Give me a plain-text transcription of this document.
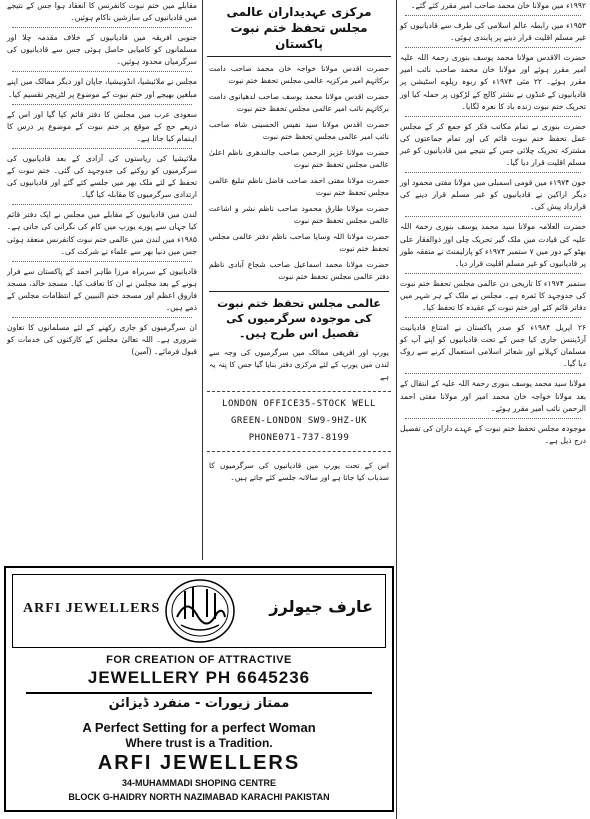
۱۹۹۲ء میں مولانا خان محمد صاحب امیر مقرر کئے گئے۔

۱۹۵۳ء میں رابطہ عالم اسلامی کی طرف سے قادیانیوں کو غیر مسلم اقلیت قرار دینے پر پابندی ہوئی۔

حضرت الاقدس مولانا محمد یوسف بنوری رحمۃ اللہ علیہ امیر مقرر ہوئے اور مولانا خان محمد صاحب نائب امیر مقرر ہوئے۔ ۲۲ مئی ۱۹۷۴ء کو ربوہ ریلوے اسٹیشن پر قادیانیوں کے غنڈوں نے نشتر کالج کے لڑکوں پر حملہ کیا اور تحریک ختم نبوت زندہ باد کا نعرہ لگایا۔

حضرت بنوری نے تمام مکاتب فکر کو جمع کر کے مجلس عمل تحفظ ختم نبوت قائم کی اور تمام جماعتوں کی مشترکہ تحریک چلائی جس کے نتیجے میں قادیانیوں کو غیر مسلم اقلیت قرار دیا گیا۔

جون ۱۹۷۴ء میں قومی اسمبلی میں مولانا مفتی محمود اور دیگر اراکین نے قادیانیوں کو غیر مسلم قرار دینے کی قرارداد پیش کی۔

حضرت العلامہ مولانا سید محمد یوسف بنوری رحمۃ اللہ علیہ کی قیادت میں ملک گیر تحریک چلی اور ذوالفقار علی بھٹو کے دور میں ۷ ستمبر ۱۹۷۴ء کو پارلیمنٹ نے متفقہ طور پر قادیانیوں کو غیر مسلم اقلیت قرار دیا۔

ستمبر ۱۹۷۴ء کا تاریخی دن عالمی مجلس تحفظ ختم نبوت کی جدوجہد کا ثمرہ ہے۔ مجلس نے ملک کے ہر شہر میں دفاتر قائم کئے اور ختم نبوت کے عقیدہ کا تحفظ کیا۔

۲۶ اپریل ۱۹۸۴ء کو صدر پاکستان نے امتناع قادیانیت آرڈیننس جاری کیا جس کے تحت قادیانیوں کو اپنے آپ کو مسلمان کہلانے اور شعائر اسلامی استعمال کرنے سے روک دیا گیا۔

مولانا سید محمد یوسف بنوری رحمۃ اللہ علیہ کے انتقال کے بعد مولانا خواجہ خان محمد امیر اور مولانا مفتی احمد الرحمن نائب امیر مقرر ہوئے۔

موجودہ مجلس تحفظ ختم نبوت کے عہدے داران کی تفصیل درج ذیل ہے۔

مرکزی عہدیداران عالمی مجلس تحفظ ختم نبوت پاکستان

حضرت اقدس مولانا خواجہ خان محمد صاحب دامت برکاتہم امیر مرکزیہ عالمی مجلس تحفظ ختم نبوت

حضرت اقدس مولانا محمد یوسف صاحب لدھیانوی دامت برکاتہم نائب امیر عالمی مجلس تحفظ ختم نبوت

حضرت اقدس مولانا سید نفیس الحسینی شاہ صاحب نائب امیر عالمی مجلس تحفظ ختم نبوت

حضرت مولانا عزیز الرحمن صاحب جالندھری ناظم اعلیٰ عالمی مجلس تحفظ ختم نبوت

حضرت مولانا مفتی احمد صاحب فاضل ناظم تبلیغ عالمی مجلس تحفظ ختم نبوت

حضرت مولانا طارق محمود صاحب ناظم نشر و اشاعت عالمی مجلس تحفظ ختم نبوت

حضرت مولانا اللہ وسایا صاحب ناظم دفتر عالمی مجلس تحفظ ختم نبوت

حضرت مولانا محمد اسماعیل صاحب شجاع آبادی ناظم دفتر عالمی مجلس تحفظ ختم نبوت

عالمی مجلس تحفظ ختم نبوت کی موجودہ سرگرمیوں کی تفصیل اس طرح ہیں۔

یورپ اور افریقی ممالک میں سرگرمیوں کی وجہ سے لندن میں یورپ کے لئے مرکزی دفتر بنایا گیا جس کا پتہ یہ ہے

LONDON OFFICE35-STOCK WELL
GREEN-LONDON SW9-9HZ-UK
PHONE071-737-8199

اس کے تحت یورپ میں قادیانیوں کی سرگرمیوں کا سدباب کیا جاتا ہے اور سالانہ جلسے کئے جاتے ہیں۔

مقابلے میں ختم نبوت کانفرنس کا انعقاد ہوا جس کے نتیجے میں قادیانیوں کی سازشیں ناکام ہوئیں۔

جنوبی افریقہ میں قادیانیوں کے خلاف مقدمہ چلا اور مسلمانوں کو کامیابی حاصل ہوئی جس سے قادیانیوں کی سرگرمیاں محدود ہوئیں۔

مجلس نے ملائیشیا، انڈونیشیا، جاپان اور دیگر ممالک میں اپنے مبلغین بھیجے اور ختم نبوت کے موضوع پر لٹریچر تقسیم کیا۔

سعودی عرب میں مجلس کا دفتر قائم کیا گیا اور اس کے ذریعے حج کے موقع پر ختم نبوت کے موضوع پر درس کا اہتمام کیا جاتا ہے۔

ملائیشیا کی ریاستوں کی آزادی کے بعد قادیانیوں کی سرگرمیوں کو روکنے کی جدوجہد کی گئی۔ ختم نبوت کے تحفظ کے لئے ملک بھر میں جلسے کئے گئے اور قادیانیوں کی ارتدادی سرگرمیوں کا مقابلہ کیا گیا۔

لندن میں قادیانیوں کے مقابلے میں مجلس نے ایک دفتر قائم کیا جہاں سے پورے یورپ میں کام کی نگرانی کی جاتی ہے۔ ۱۹۸۵ء میں لندن میں عالمی ختم نبوت کانفرنس منعقد ہوئی جس میں دنیا بھر سے علماء نے شرکت کی۔

قادیانیوں کے سربراہ مرزا طاہر احمد کے پاکستان سے فرار ہونے کے بعد مجلس نے ان کا تعاقب کیا۔ مسجد خالد، مسجد فاروق اعظم اور مسجد ختم النبیین کے انتظامات مجلس کے ذمے ہیں۔

ان سرگرمیوں کو جاری رکھنے کے لئے مسلمانوں کا تعاون ضروری ہے۔ اللہ تعالیٰ مجلس کے کارکنوں کی خدمات کو قبول فرمائے۔ (آمین)

ARFI JEWELLERS	عارف جیولرز
FOR CREATION OF ATTRACTIVE
JEWELLERY PH 6645236
ممتاز زیورات - منفرد ڈیزائن
A Perfect Setting for a perfect Woman
Where trust is a Tradition.
ARFI JEWELLERS
34-MUHAMMADI SHOPING CENTRE
BLOCK G-HAIDRY NORTH NAZIMABAD KARACHI PAKISTAN
